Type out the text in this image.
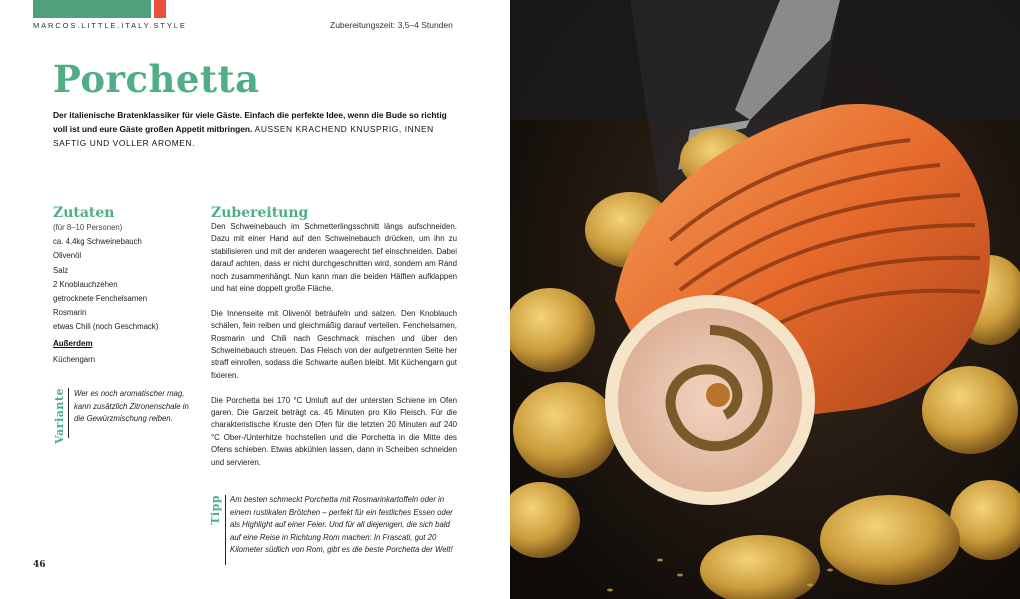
MARCOS.LITTLE.ITALY.STYLE	Zubereitungszeit: 3,5–4 Stunden
Porchetta

Der italienische Bratenklassiker für viele Gäste. Einfach die perfekte Idee, wenn die Bude so richtig voll ist und eure Gäste großen Appetit mitbringen. AUSSEN KRACHEND KNUSPRIG, INNEN SAFTIG UND VOLLER AROMEN.

Zutaten
(für 8–10 Personen)
ca. 4,4kg Schweinebauch
Olivenöl
Salz
2 Knoblauchzehen
getrocknete Fenchelsamen
Rosmarin
etwas Chili (noch Geschmack)
Außerdem
Küchengarn
Variante Wer es noch aromatischer mag, kann zusätzlich Zitronenschale in die Gewürzmischung reiben.

Zubereitung

Den Schweinebauch im Schmetterlingsschnitt längs aufschneiden. Dazu mit einer Hand auf den Schweinebauch drücken, um ihn zu stabilisieren und mit der anderen waagerecht tief einschneiden. Dabei darauf achten, dass er nicht durchgeschnitten wird, sondern am Rand noch zusammenhängt. Nun kann man die beiden Hälften aufklappen und hat eine doppelt große Fläche.

Die Innenseite mit Olivenöl beträufeln und salzen. Den Knoblauch schälen, fein reiben und gleichmäßig darauf verteilen. Fenchelsamen, Rosmarin und Chili nach Geschmack mischen und über den Schweinebauch streuen. Das Fleisch von der aufgetrennten Seite her straff einrollen, sodass die Schwarte außen bleibt. Mit Küchengarn gut fixieren.

Die Porchetta bei 170 °C Umluft auf der untersten Schiene im Ofen garen. Die Garzeit beträgt ca. 45 Minuten pro Kilo Fleisch. Für die charakteristische Kruste den Ofen für die letzten 20 Minuten auf 240 °C Ober-/Unterhitze hochstellen und die Porchetta in die Mitte des Ofens schieben. Etwas abkühlen lassen, dann in Scheiben schneiden und servieren.

Tipp Am besten schmeckt Porchetta mit Rosmarinkartoffeln oder in einem rustikalen Brötchen – perfekt für ein festliches Essen oder als Highlight auf einer Feier. Und für all diejenigen, die sich bald auf eine Reise in Richtung Rom machen: In Frascati, gut 20 Kilometer südlich von Rom, gibt es die beste Porchetta der Welt!

46
